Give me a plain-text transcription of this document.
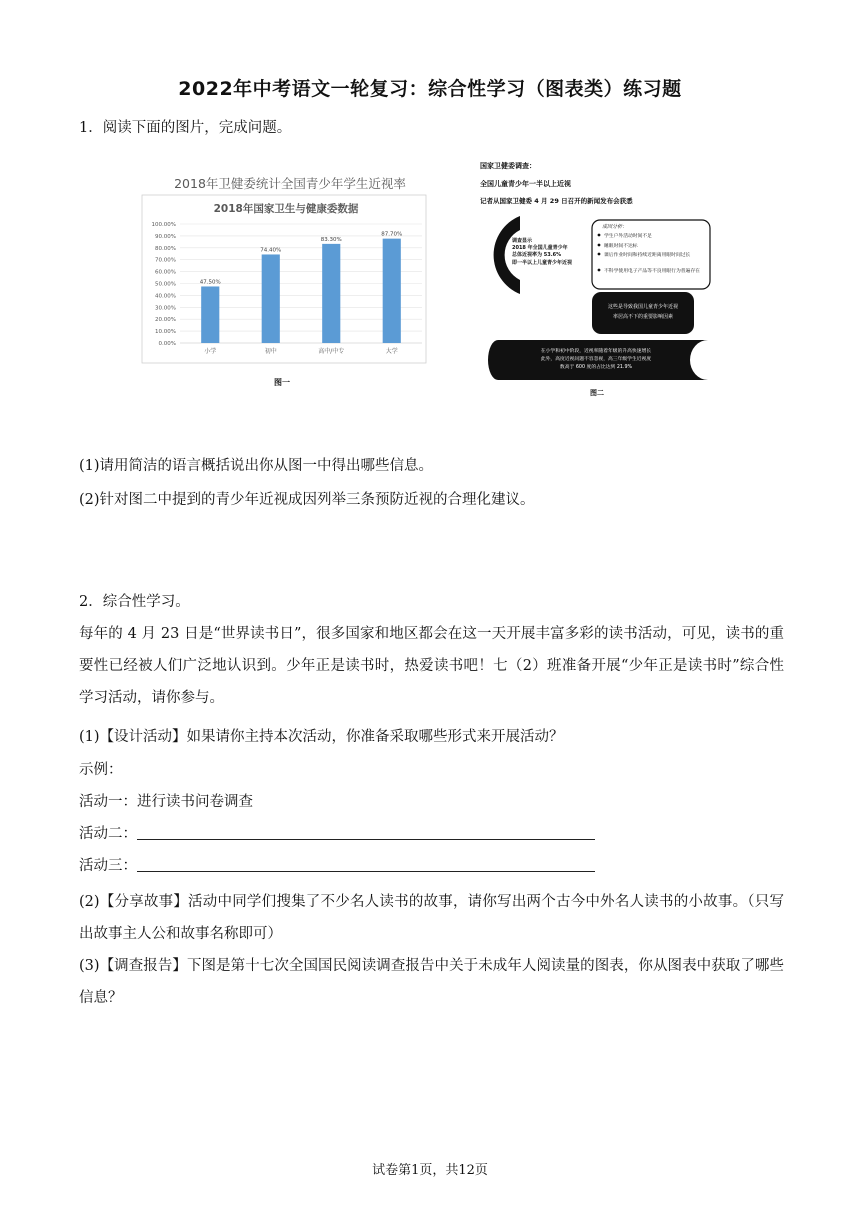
2022年中考语文一轮复习：综合性学习（图表类）练习题
1．阅读下面的图片，完成问题。
2018年卫健委统计全国青少年学生近视率
2018年国家卫生与健康委数据
47.50%
74.40%
83.30%
87.70%
0.00%
10.00%
20.00%
30.00%
40.00%
50.00%
60.00%
70.00%
80.00%
90.00%
100.00%
小学	初中	高中/中专	大学
图一
国家卫健委调查：
全国儿童青少年一半以上近视
记者从国家卫健委 4 月 29 日召开的新闻发布会获悉
调查显示
2018 年全国儿童青少年
总体近视率为 53.6%
即一半以上儿童青少年近视
成因分析：
学生户外活动时间不足
睡眠时间不达标
课后作业时间和持续近距离用眼时间过长
不科学使用电子产品等不良用眼行为普遍存在
这些是导致我国儿童青少年近视
率居高不下的重要影响因素
在小学和初中阶段，近视率随着年级的升高快速增长
此外，高度近视问题不容忽视，高三年级学生近视度
数高于 600 度的占比达到 21.9%
图二
(1)请用简洁的语言概括说出你从图一中得出哪些信息。
(2)针对图二中提到的青少年近视成因列举三条预防近视的合理化建议。
2．综合性学习。
每年的 4 月 23 日是“世界读书日”，很多国家和地区都会在这一天开展丰富多彩的读书活动，可见，读书的重要性已经被人们广泛地认识到。少年正是读书时，热爱读书吧！七（2）班准备开展“少年正是读书时”综合性学习活动，请你参与。
(1)【设计活动】如果请你主持本次活动，你准备采取哪些形式来开展活动？
示例：
活动一：进行读书问卷调查
活动二：
活动三：
(2)【分享故事】活动中同学们搜集了不少名人读书的故事，请你写出两个古今中外名人读书的小故事。（只写出故事主人公和故事名称即可）
(3)【调查报告】下图是第十七次全国国民阅读调查报告中关于未成年人阅读量的图表，你从图表中获取了哪些信息？
试卷第1页，共12页
